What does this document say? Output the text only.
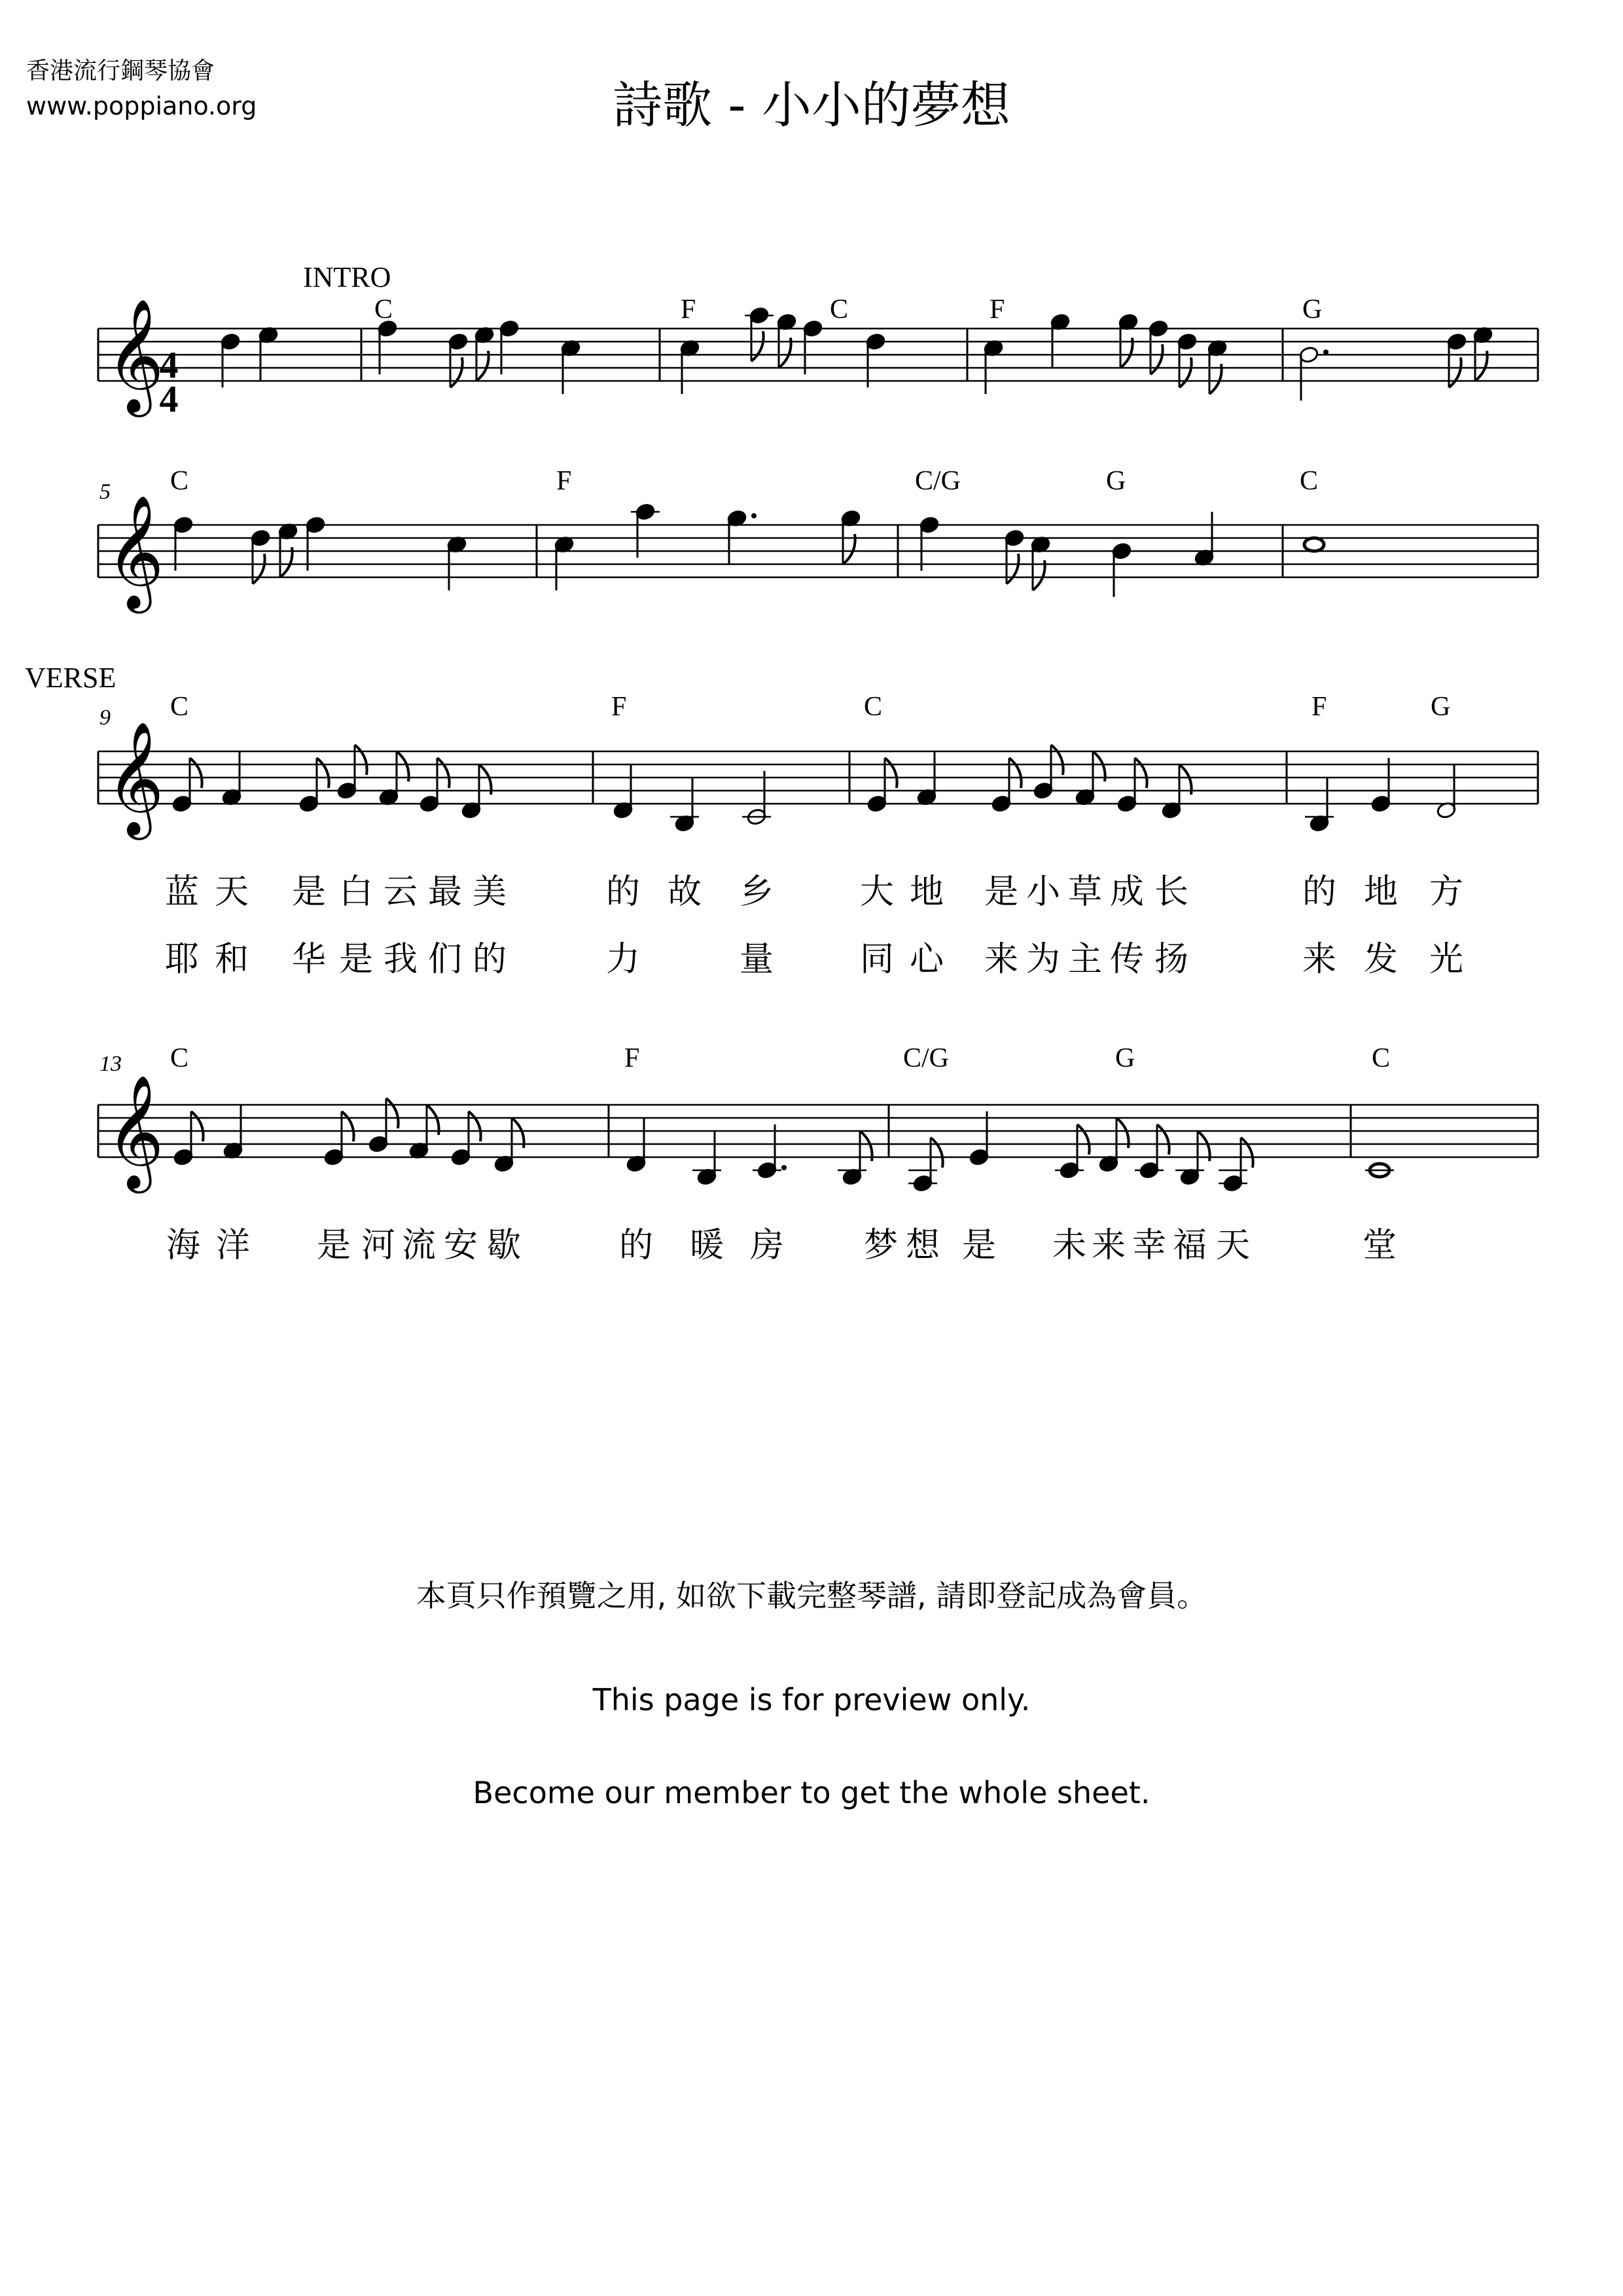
香港流行鋼琴協會
www.poppiano.org	詩歌 - 小小的夢想
INTRO
VERSE
𝄞
𝄞
𝄞
𝄞
4
4
5
9
13
C	F	C	F	G
C	F	C/G	G	C
C	F	C	F	G
C	F	C/G	G	C
蓝 天 是 白 云 最 美	的 故 乡	大 地 是 小 草 成 长	的 地 方
耶 和 华 是 我 们 的	力	量	同 心 来 为 主 传 扬	来 发 光
海 洋 是 河 流 安 歇	的 暖 房 梦 想 是 未 来 幸 福 天	堂
本頁只作預覽之用, 如欲下載完整琴譜, 請即登記成為會員。
This page is for preview only.
Become our member to get the whole sheet.
